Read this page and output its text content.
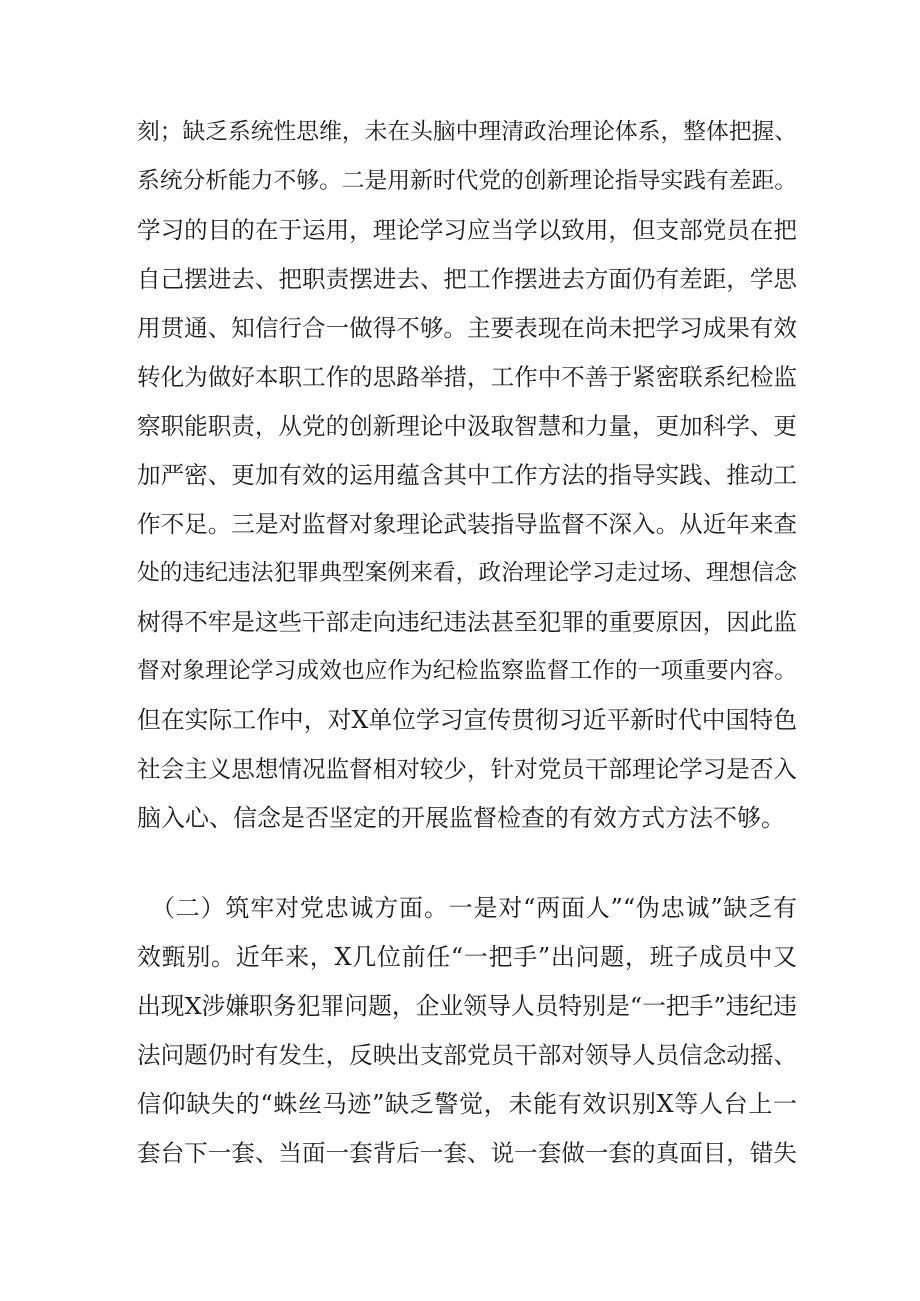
刻；缺乏系统性思维，未在头脑中理清政治理论体系，整体把握、
系统分析能力不够。二是用新时代党的创新理论指导实践有差距。
学习的目的在于运用，理论学习应当学以致用，但支部党员在把
自己摆进去、把职责摆进去、把工作摆进去方面仍有差距，学思
用贯通、知信行合一做得不够。主要表现在尚未把学习成果有效
转化为做好本职工作的思路举措，工作中不善于紧密联系纪检监
察职能职责，从党的创新理论中汲取智慧和力量，更加科学、更
加严密、更加有效的运用蕴含其中工作方法的指导实践、推动工
作不足。三是对监督对象理论武装指导监督不深入。从近年来查
处的违纪违法犯罪典型案例来看，政治理论学习走过场、理想信念
树得不牢是这些干部走向违纪违法甚至犯罪的重要原因，因此监
督对象理论学习成效也应作为纪检监察监督工作的一项重要内容。
但在实际工作中，对X单位学习宣传贯彻习近平新时代中国特色
社会主义思想情况监督相对较少，针对党员干部理论学习是否入
脑入心、信念是否坚定的开展监督检查的有效方式方法不够。
（二）筑牢对党忠诚方面。一是对“两面人”“伪忠诚”缺乏有
效甄别。近年来，X几位前任“一把手”出问题，班子成员中又
出现X涉嫌职务犯罪问题，企业领导人员特别是“一把手”违纪违
法问题仍时有发生，反映出支部党员干部对领导人员信念动摇、
信仰缺失的“蛛丝马迹”缺乏警觉，未能有效识别X等人台上一
套台下一套、当面一套背后一套、说一套做一套的真面目，错失
